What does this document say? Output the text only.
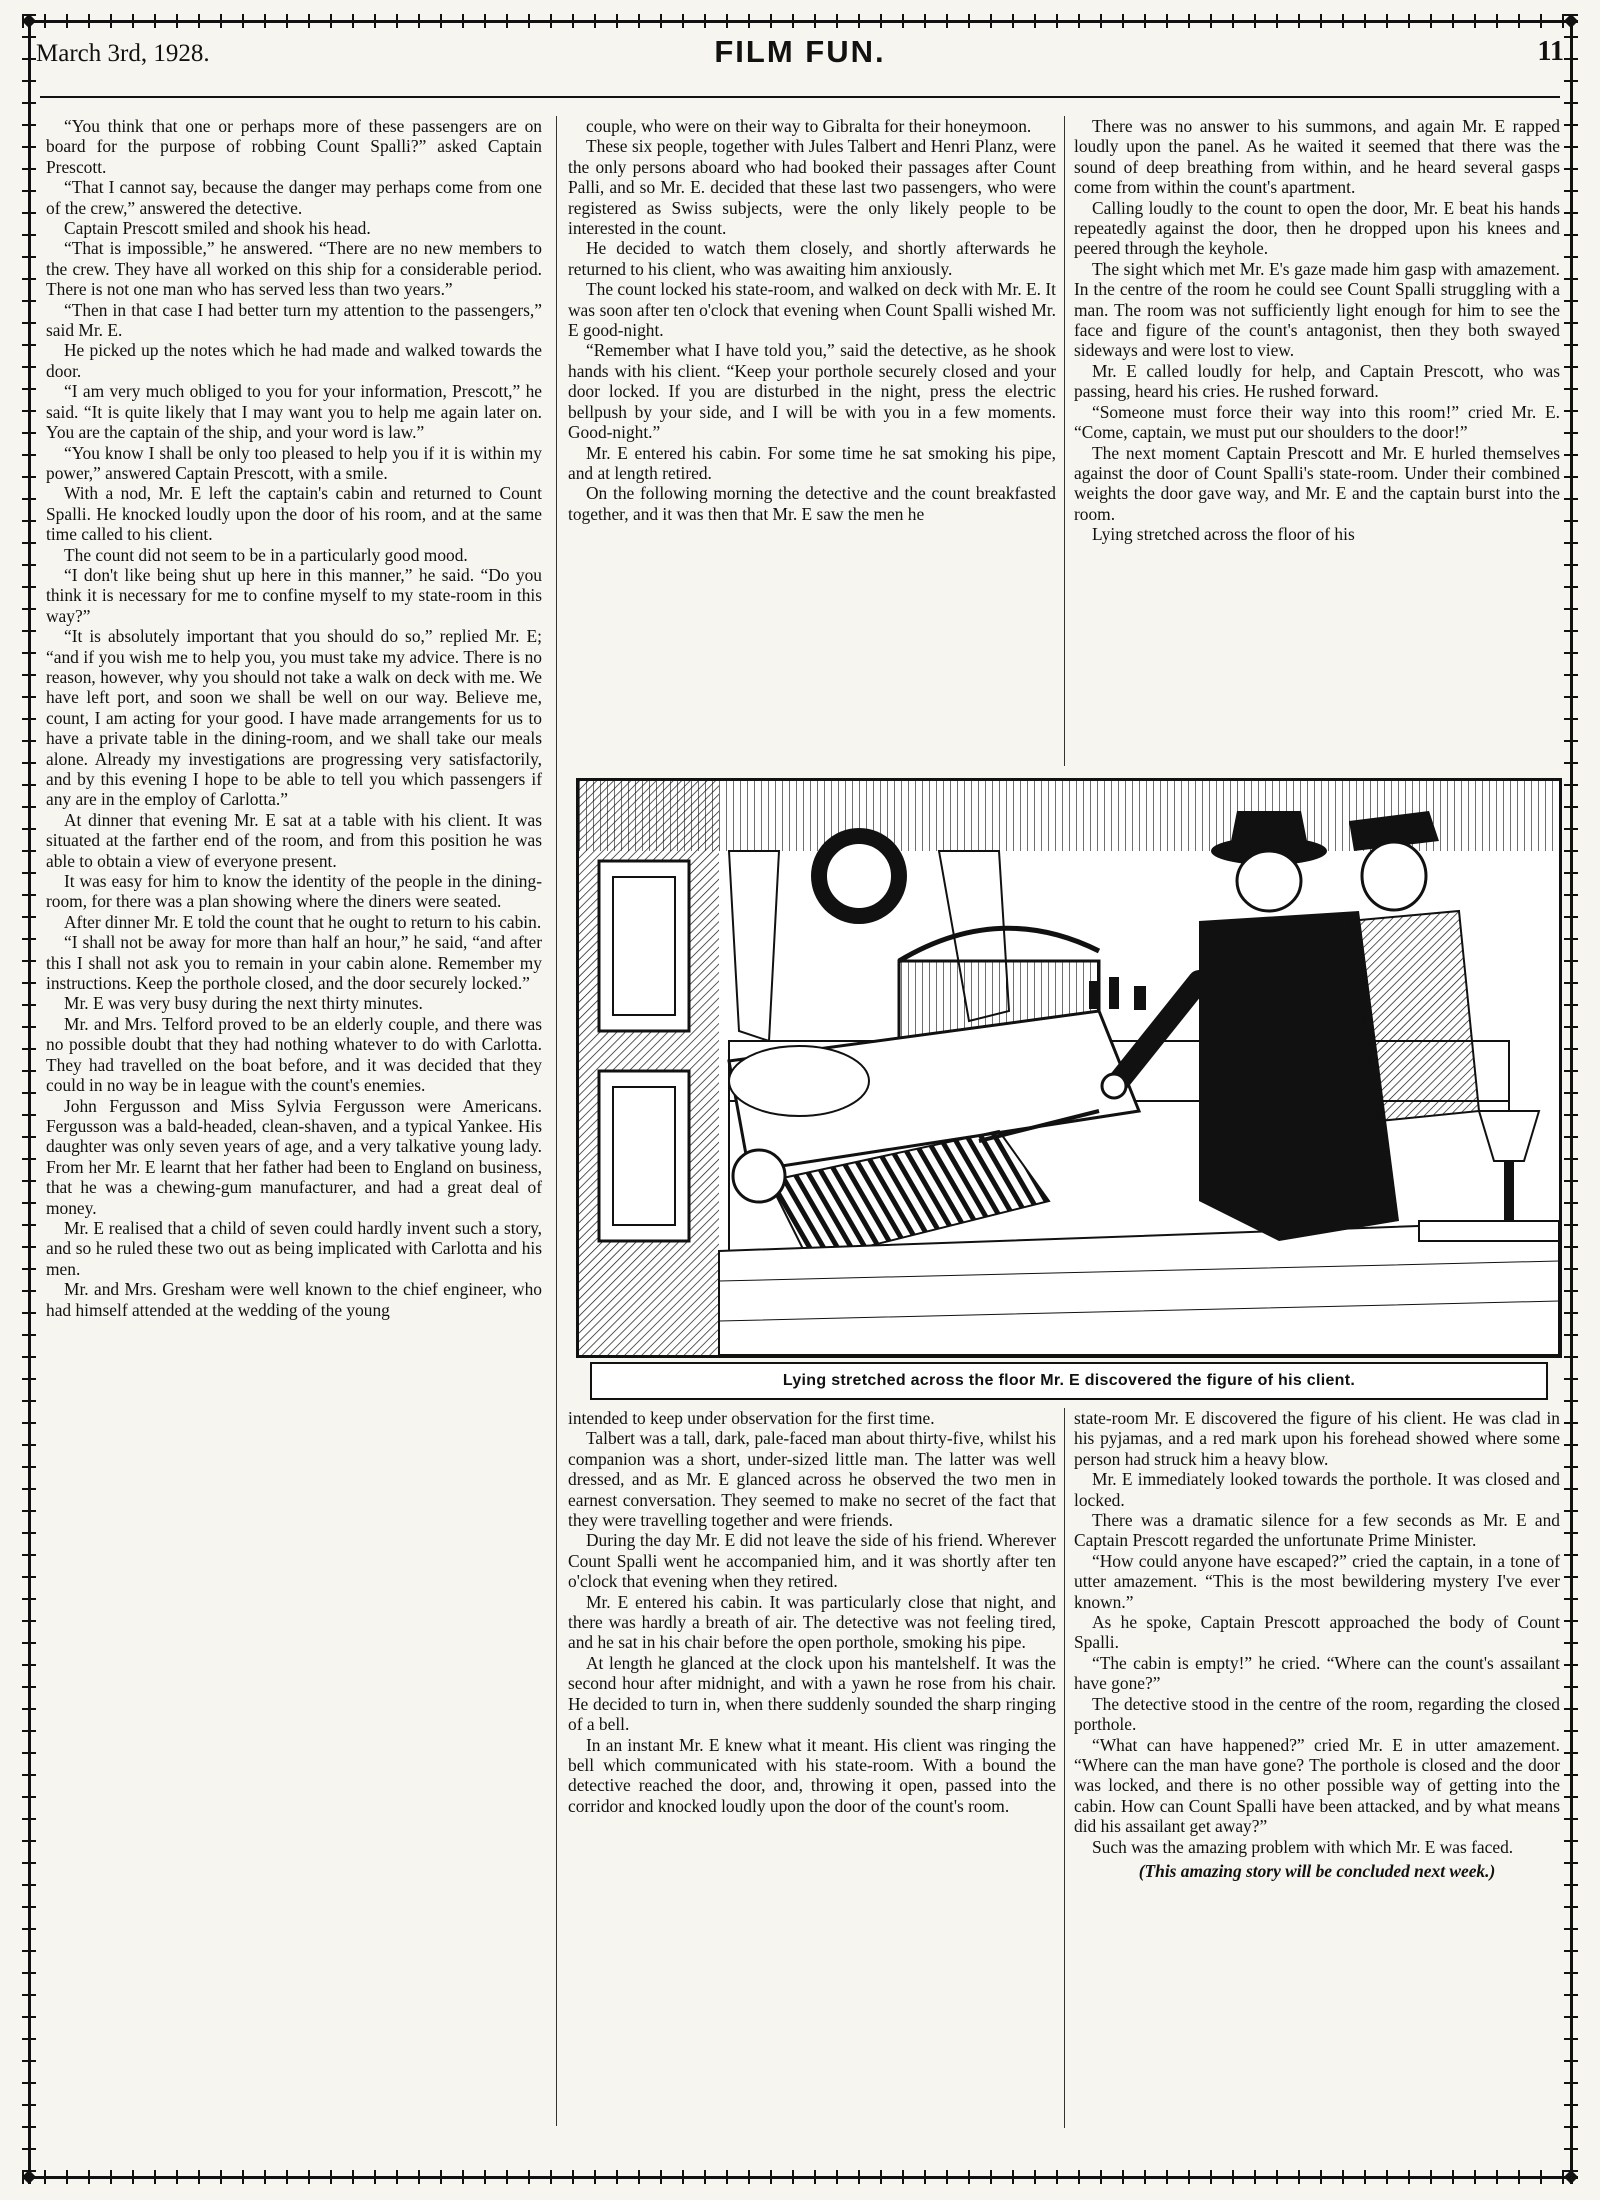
March 3rd, 1928.	FILM FUN.	11

“You think that one or perhaps more of these passengers are on board for the purpose of robbing Count Spalli?” asked Captain Prescott.

“That I cannot say, because the danger may perhaps come from one of the crew,” answered the detective.

Captain Prescott smiled and shook his head.

“That is impossible,” he answered. “There are no new members to the crew. They have all worked on this ship for a considerable period. There is not one man who has served less than two years.”

“Then in that case I had better turn my attention to the passengers,” said Mr. E.

He picked up the notes which he had made and walked towards the door.

“I am very much obliged to you for your information, Prescott,” he said. “It is quite likely that I may want you to help me again later on. You are the captain of the ship, and your word is law.”

“You know I shall be only too pleased to help you if it is within my power,” answered Captain Prescott, with a smile.

With a nod, Mr. E left the captain's cabin and returned to Count Spalli. He knocked loudly upon the door of his room, and at the same time called to his client.

The count did not seem to be in a particularly good mood.

“I don't like being shut up here in this manner,” he said. “Do you think it is necessary for me to confine myself to my state-room in this way?”

“It is absolutely important that you should do so,” replied Mr. E; “and if you wish me to help you, you must take my advice. There is no reason, however, why you should not take a walk on deck with me. We have left port, and soon we shall be well on our way. Believe me, count, I am acting for your good. I have made arrangements for us to have a private table in the dining-room, and we shall take our meals alone. Already my investigations are progressing very satisfactorily, and by this evening I hope to be able to tell you which passengers if any are in the employ of Carlotta.”

At dinner that evening Mr. E sat at a table with his client. It was situated at the farther end of the room, and from this position he was able to obtain a view of everyone present.

It was easy for him to know the identity of the people in the dining-room, for there was a plan showing where the diners were seated.

After dinner Mr. E told the count that he ought to return to his cabin.

“I shall not be away for more than half an hour,” he said, “and after this I shall not ask you to remain in your cabin alone. Remember my instructions. Keep the porthole closed, and the door securely locked.”

Mr. E was very busy during the next thirty minutes.

Mr. and Mrs. Telford proved to be an elderly couple, and there was no possible doubt that they had nothing whatever to do with Carlotta. They had travelled on the boat before, and it was decided that they could in no way be in league with the count's enemies.

John Fergusson and Miss Sylvia Fergusson were Americans. Fergusson was a bald-headed, clean-shaven, and a typical Yankee. His daughter was only seven years of age, and a very talkative young lady. From her Mr. E learnt that her father had been to England on business, that he was a chewing-gum manufacturer, and had a great deal of money.

Mr. E realised that a child of seven could hardly invent such a story, and so he ruled these two out as being implicated with Carlotta and his men.

Mr. and Mrs. Gresham were well known to the chief engineer, who had himself attended at the wedding of the young

couple, who were on their way to Gibralta for their honeymoon.

These six people, together with Jules Talbert and Henri Planz, were the only persons aboard who had booked their passages after Count Palli, and so Mr. E. decided that these last two passengers, who were registered as Swiss subjects, were the only likely people to be interested in the count.

He decided to watch them closely, and shortly afterwards he returned to his client, who was awaiting him anxiously.

The count locked his state-room, and walked on deck with Mr. E. It was soon after ten o'clock that evening when Count Spalli wished Mr. E good-night.

“Remember what I have told you,” said the detective, as he shook hands with his client. “Keep your porthole securely closed and your door locked. If you are disturbed in the night, press the electric bellpush by your side, and I will be with you in a few moments. Good-night.”

Mr. E entered his cabin. For some time he sat smoking his pipe, and at length retired.

On the following morning the detective and the count breakfasted together, and it was then that Mr. E saw the men he

There was no answer to his summons, and again Mr. E rapped loudly upon the panel. As he waited it seemed that there was the sound of deep breathing from within, and he heard several gasps come from within the count's apartment.

Calling loudly to the count to open the door, Mr. E beat his hands repeatedly against the door, then he dropped upon his knees and peered through the keyhole.

The sight which met Mr. E's gaze made him gasp with amazement. In the centre of the room he could see Count Spalli struggling with a man. The room was not sufficiently light enough for him to see the face and figure of the count's antagonist, then they both swayed sideways and were lost to view.

Mr. E called loudly for help, and Captain Prescott, who was passing, heard his cries. He rushed forward.

“Someone must force their way into this room!” cried Mr. E. “Come, captain, we must put our shoulders to the door!”

The next moment Captain Prescott and Mr. E hurled themselves against the door of Count Spalli's state-room. Under their combined weights the door gave way, and Mr. E and the captain burst into the room.

Lying stretched across the floor of his

Lying stretched across the floor Mr. E discovered the figure of his client.

intended to keep under observation for the first time.

Talbert was a tall, dark, pale-faced man about thirty-five, whilst his companion was a short, under-sized little man. The latter was well dressed, and as Mr. E glanced across he observed the two men in earnest conversation. They seemed to make no secret of the fact that they were travelling together and were friends.

During the day Mr. E did not leave the side of his friend. Wherever Count Spalli went he accompanied him, and it was shortly after ten o'clock that evening when they retired.

Mr. E entered his cabin. It was particularly close that night, and there was hardly a breath of air. The detective was not feeling tired, and he sat in his chair before the open porthole, smoking his pipe.

At length he glanced at the clock upon his mantelshelf. It was the second hour after midnight, and with a yawn he rose from his chair. He decided to turn in, when there suddenly sounded the sharp ringing of a bell.

In an instant Mr. E knew what it meant. His client was ringing the bell which communicated with his state-room. With a bound the detective reached the door, and, throwing it open, passed into the corridor and knocked loudly upon the door of the count's room.

state-room Mr. E discovered the figure of his client. He was clad in his pyjamas, and a red mark upon his forehead showed where some person had struck him a heavy blow.

Mr. E immediately looked towards the porthole. It was closed and locked.

There was a dramatic silence for a few seconds as Mr. E and Captain Prescott regarded the unfortunate Prime Minister.

“How could anyone have escaped?” cried the captain, in a tone of utter amazement. “This is the most bewildering mystery I've ever known.”

As he spoke, Captain Prescott approached the body of Count Spalli.

“The cabin is empty!” he cried. “Where can the count's assailant have gone?”

The detective stood in the centre of the room, regarding the closed porthole.

“What can have happened?” cried Mr. E in utter amazement. “Where can the man have gone? The porthole is closed and the door was locked, and there is no other possible way of getting into the cabin. How can Count Spalli have been attacked, and by what means did his assailant get away?”

Such was the amazing problem with which Mr. E was faced.

(This amazing story will be concluded next week.)
